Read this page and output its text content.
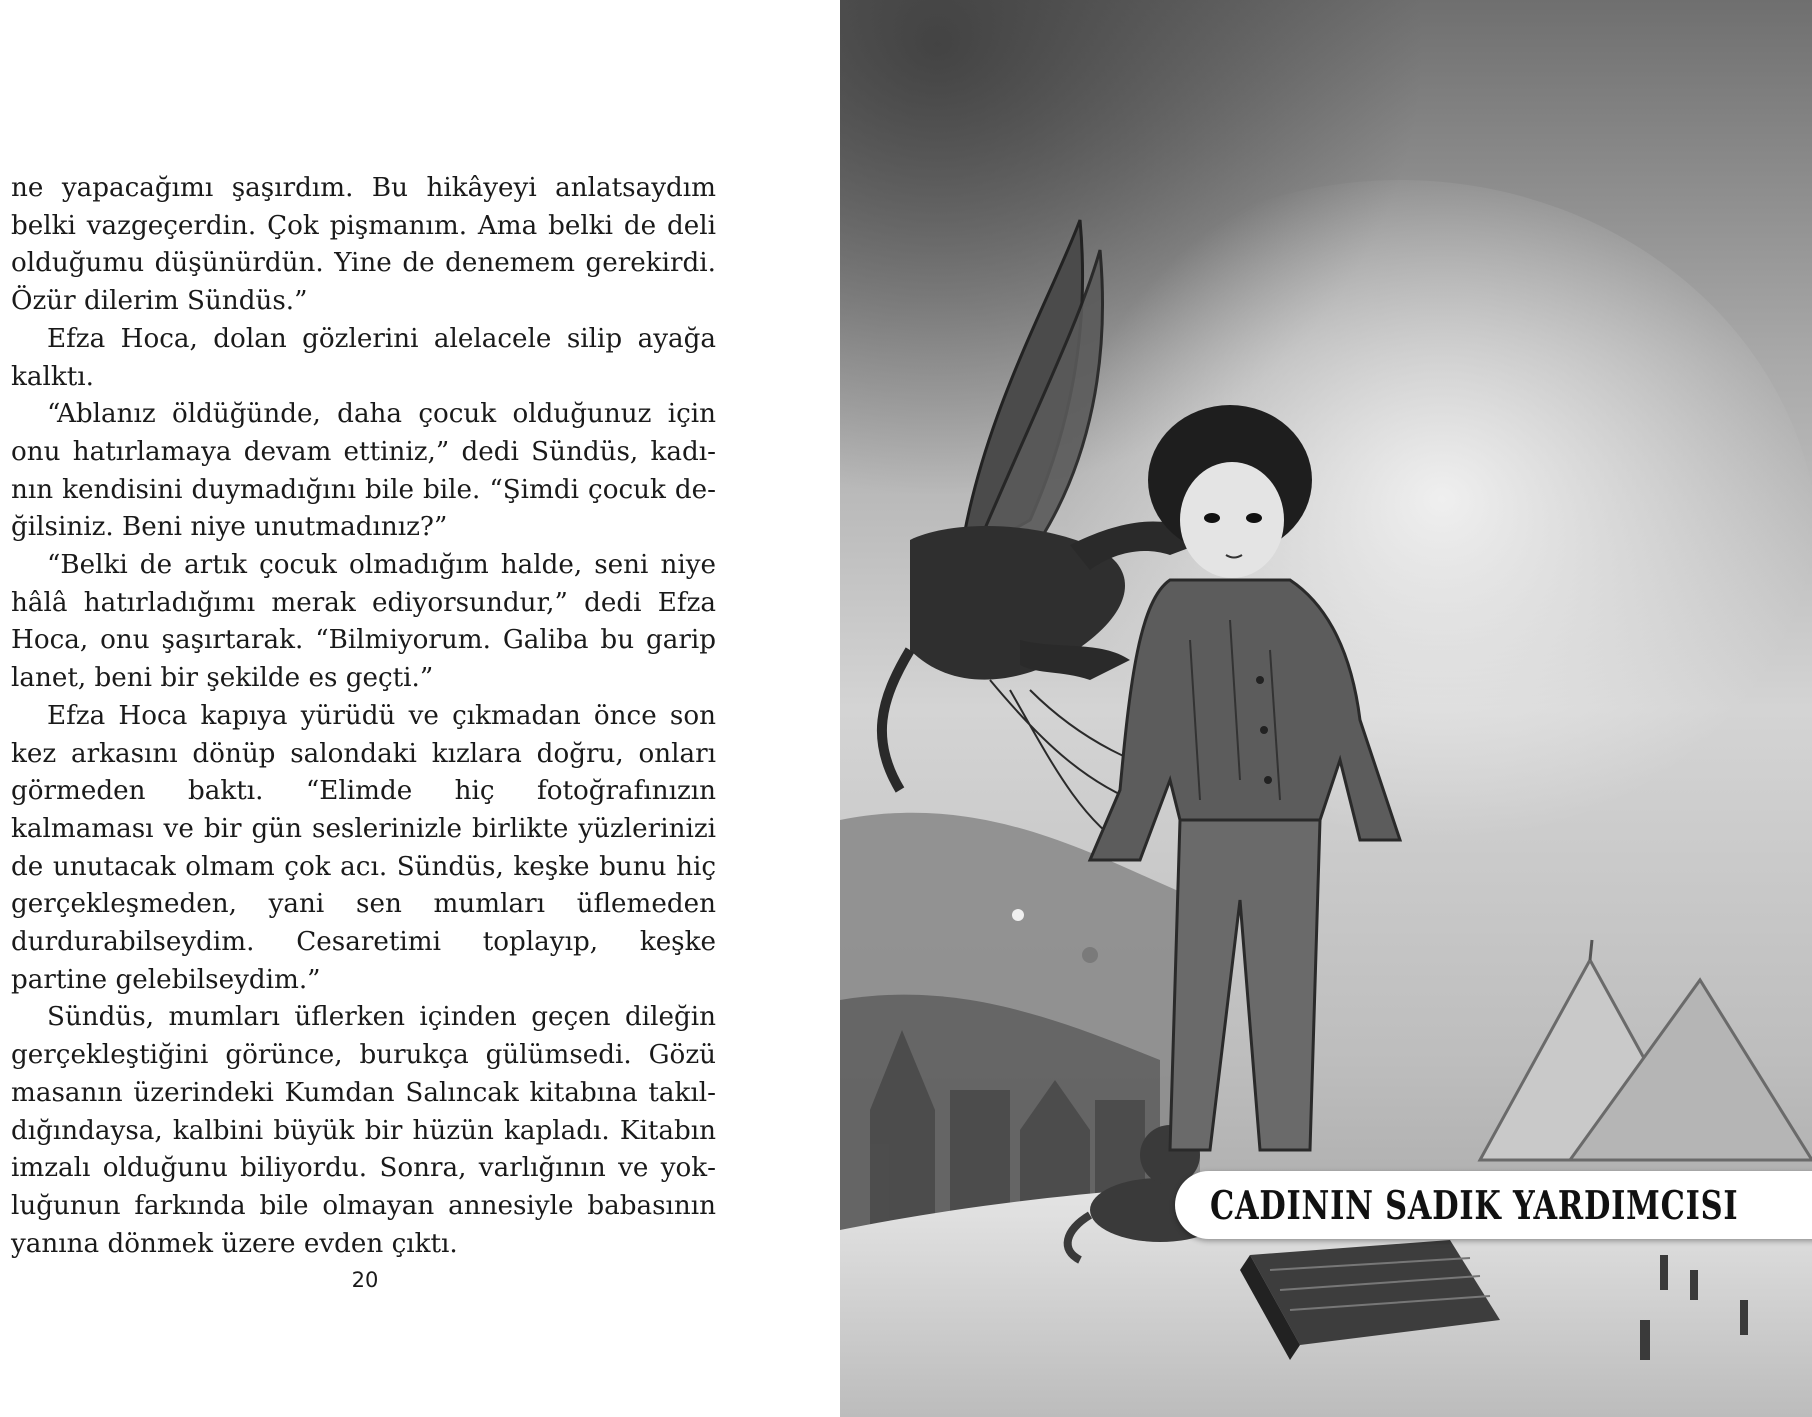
ne yapacağımı şaşırdım. Bu hikâyeyi anlatsaydım belki vazgeçerdin. Çok pişmanım. Ama belki de deli olduğumu düşünürdün. Yine de denemem gerekirdi. Özür dilerim Sündüs.”

Efza Hoca, dolan gözlerini alelacele silip ayağa kalktı.

“Ablanız öldüğünde, daha çocuk olduğunuz için onu hatırlamaya devam ettiniz,” dedi Sündüs, kadının kendisini duymadığını bile bile. “Şimdi çocuk değilsiniz. Beni niye unutmadınız?”

“Belki de artık çocuk olmadığım halde, seni niye hâlâ hatırladığımı merak ediyorsundur,” dedi Efza Hoca, onu şaşırtarak. “Bilmiyorum. Galiba bu garip lanet, beni bir şekilde es geçti.”

Efza Hoca kapıya yürüdü ve çıkmadan önce son kez arkasını dönüp salondaki kızlara doğru, onları görmeden baktı. “Elimde hiç fotoğrafınızın kalmaması ve bir gün seslerinizle birlikte yüzlerinizi de unutacak olmam çok acı. Sündüs, keşke bunu hiç gerçekleşmeden, yani sen mumları üflemeden durdurabilseydim. Cesaretimi toplayıp, keşke partine gelebilseydim.”

Sündüs, mumları üflerken içinden geçen dileğin gerçekleştiğini görünce, burukça gülümsedi. Gözü masanın üzerindeki Kumdan Salıncak kitabına takıldığındaysa, kalbini büyük bir hüzün kapladı. Kitabın imzalı olduğunu biliyordu. Sonra, varlığının ve yokluğunun farkında bile olmayan annesiyle babasının yanına dönmek üzere evden çıktı.

20
CADININ SADIK YARDIMCISI
